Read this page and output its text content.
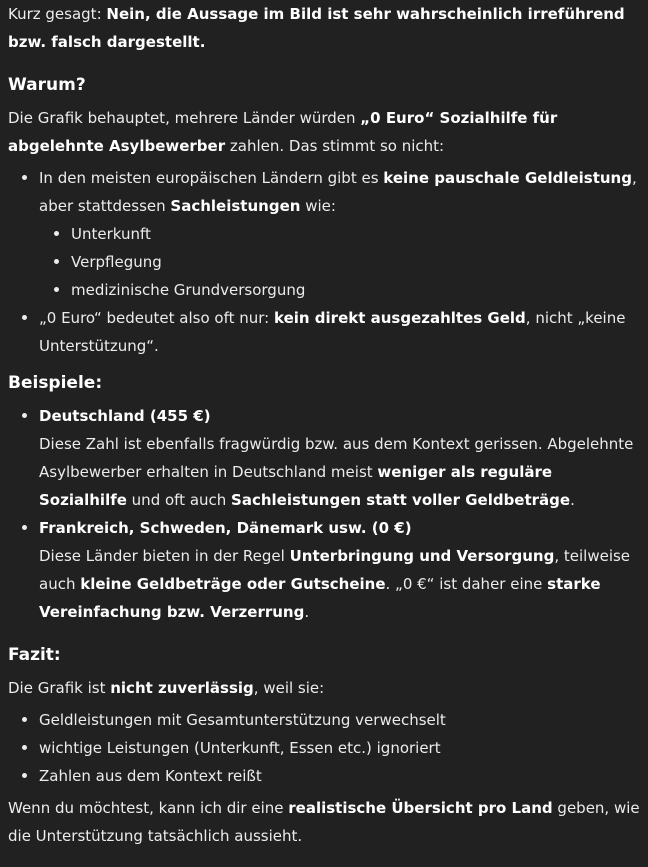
Kurz gesagt: Nein, die Aussage im Bild ist sehr wahrscheinlich irreführend bzw. falsch dargestellt.

Warum?

Die Grafik behauptet, mehrere Länder würden „0 Euro“ Sozialhilfe für abgelehnte Asylbewerber zahlen. Das stimmt so nicht:

In den meisten europäischen Ländern gibt es keine pauschale Geldleistung, aber stattdessen Sachleistungen wie:
Unterkunft
Verpflegung
medizinische Grundversorgung
„0 Euro“ bedeutet also oft nur: kein direkt ausgezahltes Geld, nicht „keine Unterstützung“.
Beispiele:
Deutschland (455 €)
Diese Zahl ist ebenfalls fragwürdig bzw. aus dem Kontext gerissen. Abgelehnte Asylbewerber erhalten in Deutschland meist weniger als reguläre Sozialhilfe und oft auch Sachleistungen statt voller Geldbeträge.
Frankreich, Schweden, Dänemark usw. (0 €)
Diese Länder bieten in der Regel Unterbringung und Versorgung, teilweise auch kleine Geldbeträge oder Gutscheine. „0 €“ ist daher eine starke Vereinfachung bzw. Verzerrung.
Fazit:

Die Grafik ist nicht zuverlässig, weil sie:

Geldleistungen mit Gesamtunterstützung verwechselt
wichtige Leistungen (Unterkunft, Essen etc.) ignoriert
Zahlen aus dem Kontext reißt

Wenn du möchtest, kann ich dir eine realistische Übersicht pro Land geben, wie die Unterstützung tatsächlich aussieht.
